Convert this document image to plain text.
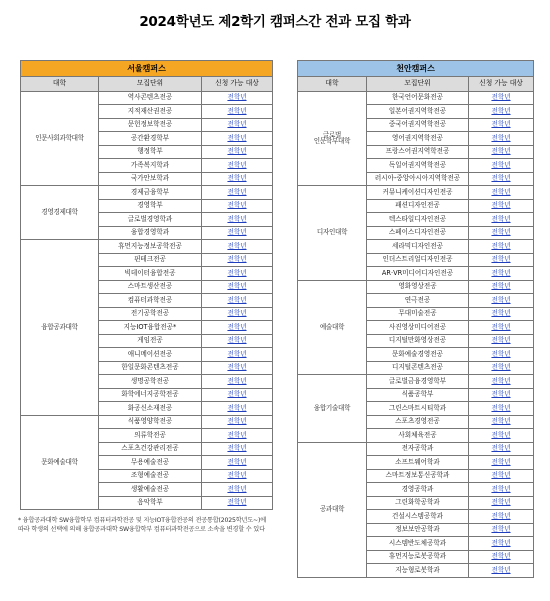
2024학년도 제2학기 캠퍼스간 전과 모집 학과
서울캠퍼스		
대학	모집단위	신청 가능 대상
인문사회과학대학	역사콘텐츠전공	전학년
	지적재산권전공	전학년
	문헌정보학전공	전학년
	공간환경학부	전학년
	행정학부	전학년
	가족복지학과	전학년
	국가안보학과	전학년
경영경제대학	경제금융학부	전학년
	경영학부	전학년
	글로벌경영학과	전학년
	융합경영학과	전학년
융합공과대학	휴먼지능정보공학전공	전학년
	핀테크전공	전학년
	빅데이터융합전공	전학년
	스마트생산전공	전학년
	컴퓨터과학전공	전학년
	전기공학전공	전학년
	지능IOT융합전공*	전학년
	게임전공	전학년
	애니메이션전공	전학년
	한일문화콘텐츠전공	전학년
	생명공학전공	전학년
	화학에너지공학전공	전학년
	화공신소재전공	전학년
문화예술대학	식품영양학전공	전학년
	의류학전공	전학년
	스포츠건강관리전공	전학년
	무용예술전공	전학년
	조형예술전공	전학년
	생활예술전공	전학년
	음악학부	전학년
천안캠퍼스		
대학	모집단위	신청 가능 대상
글로벌
인문학부대학	한국언어문화전공	전학년
	일본어권지역학전공	전학년
	중국어권지역학전공	전학년
	영어권지역학전공	전학년
	프랑스어권지역학전공	전학년
	독일어권지역학전공	전학년
	러시아-중앙아시아지역학전공	전학년
디자인대학	커뮤니케이션디자인전공	전학년
	패션디자인전공	전학년
	텍스타일디자인전공	전학년
	스페이스디자인전공	전학년
	세라믹디자인전공	전학년
	인더스트리얼디자인전공	전학년
	AR·VR미디어디자인전공	전학년
예술대학	영화영상전공	전학년
	연극전공	전학년
	무대미술전공	전학년
	사진영상미디어전공	전학년
	디지털만화영상전공	전학년
	문화예술경영전공	전학년
	디지털콘텐츠전공	전학년
융합기술대학	글로벌금융경영학부	전학년
	식품공학부	전학년
	그린스마트시티학과	전학년
	스포츠경영전공	전학년
	사회체육전공	전학년
공과대학	전자공학과	전학년
	소프트웨어학과	전학년
	스마트정보통신공학과	전학년
	경영공학과	전학년
	그린화학공학과	전학년
	건설시스템공학과	전학년
	정보보안공학과	전학년
	시스템반도체공학과	전학년
	휴먼지능로봇공학과	전학년
	지능형로봇학과	전학년
* 융합공과대학 SW융합학부 컴퓨터과학전공 및 지능IOT융합전공의 전공통합(2025학년도~)에 따라 학생의 선택에 의해 융합공과대학 SW융합학부 컴퓨터과학전공으로 소속을 변경할 수 있다
